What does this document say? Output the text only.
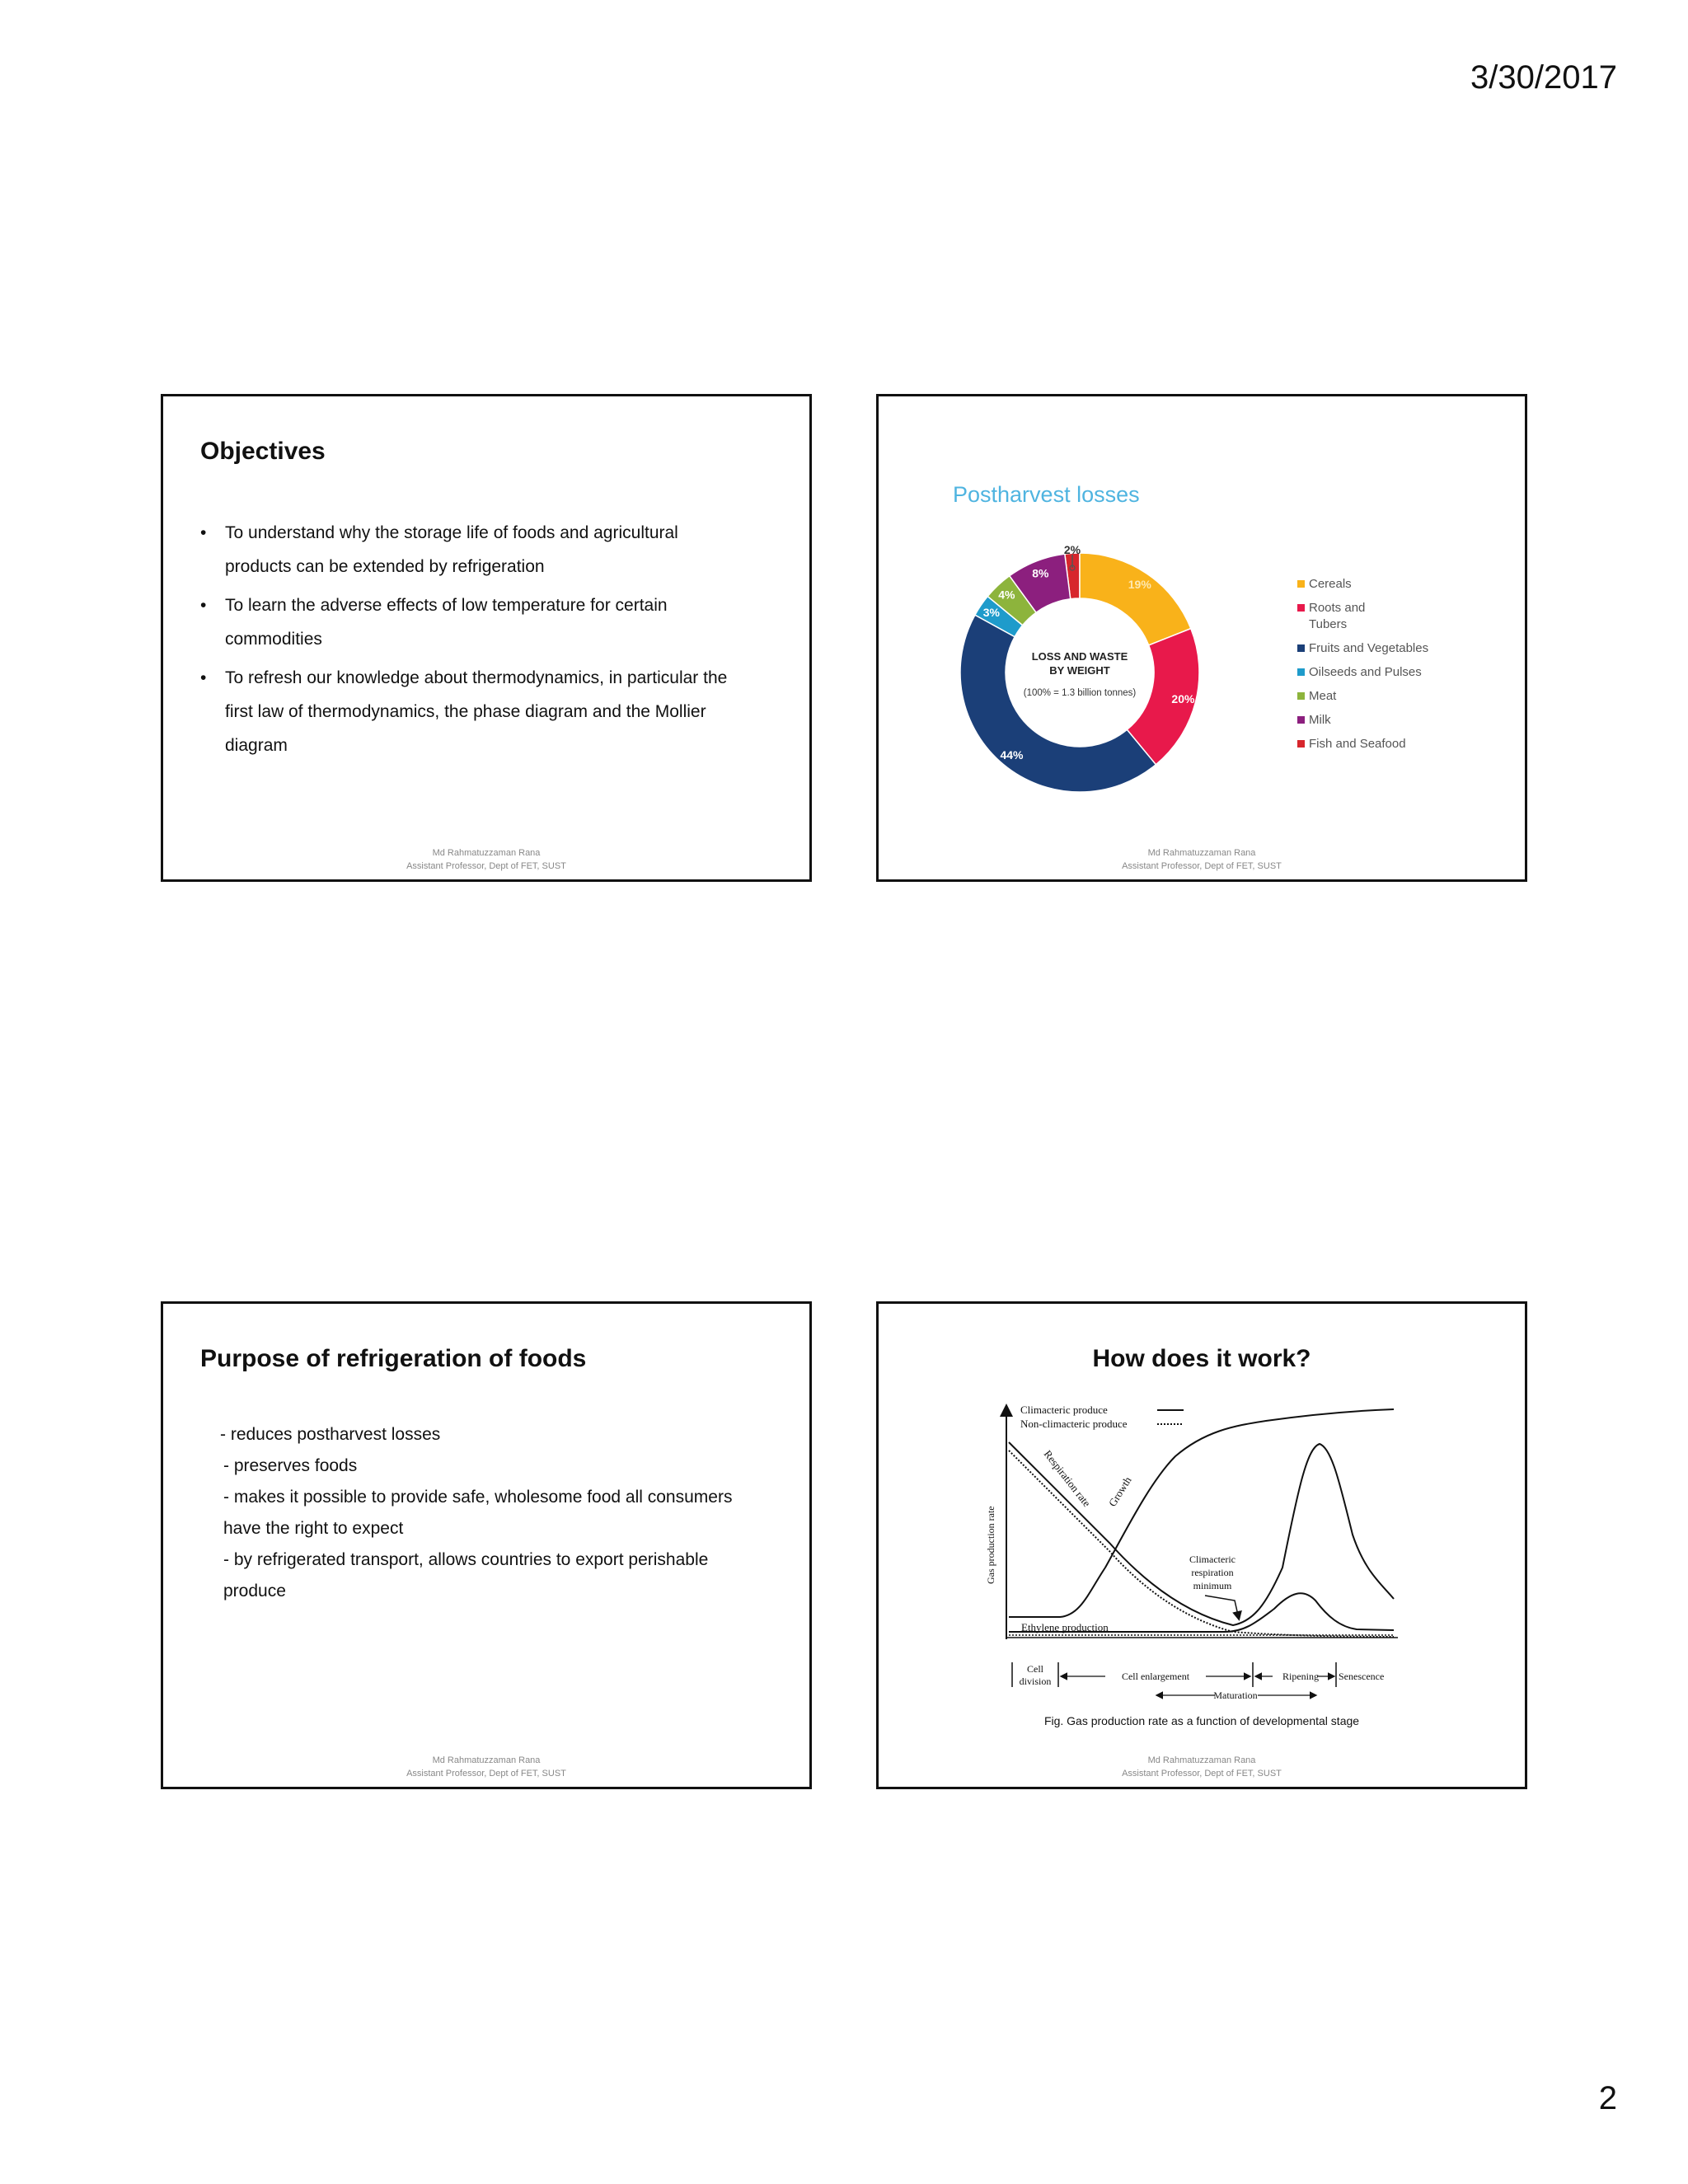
3/30/2017
Objectives
• To understand why the storage life of foods and agricultural
products can be extended by refrigeration
• To learn the adverse effects of low temperature for certain
commodities
• To refresh our knowledge about thermodynamics, in particular the
first law of thermodynamics, the phase diagram and the Mollier
diagram
Md Rahmatuzzaman Rana
Assistant Professor, Dept of FET, SUST
Postharvest losses
2%
19%
20%
44%
3%
4%
8%
LOSS AND WASTE
BY WEIGHT
(100% = 1.3 billion tonnes)
Cereals
Roots and
Tubers
Fruits and Vegetables
Oilseeds and Pulses
Meat
Milk
Fish and Seafood
Md Rahmatuzzaman Rana
Assistant Professor, Dept of FET, SUST
Purpose of refrigeration of foods
- reduces postharvest losses
- preserves foods
- makes it possible to provide safe, wholesome food all consumers
have the right to expect
- by refrigerated transport, allows countries to export perishable
produce
Md Rahmatuzzaman Rana
Assistant Professor, Dept of FET, SUST
How does it work?
Climacteric produce
Non-climacteric produce
Gas production rate
Respiration rate Growth
Ethylene production
Climacteric
respiration
minimum
Cell
division	Cell enlargement	Ripening Senescence
Maturation
Fig. Gas production rate as a function of developmental stage
Md Rahmatuzzaman Rana
Assistant Professor, Dept of FET, SUST
2
